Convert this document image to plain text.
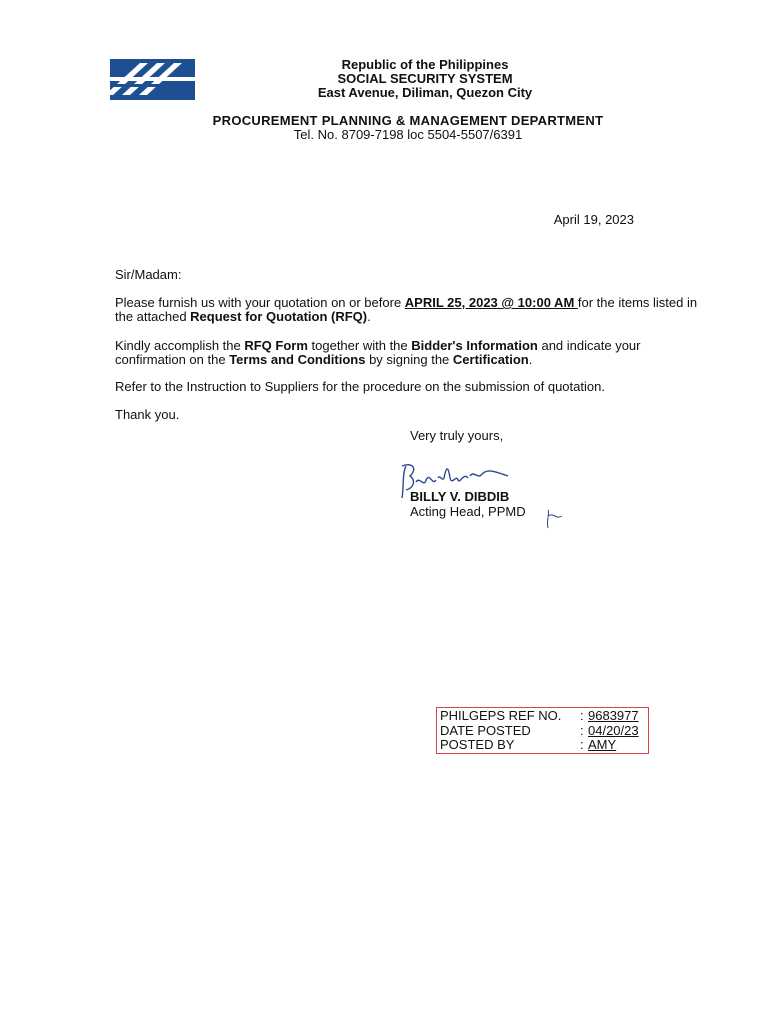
Republic of the Philippines
SOCIAL SECURITY SYSTEM
East Avenue, Diliman, Quezon City
PROCUREMENT PLANNING & MANAGEMENT DEPARTMENT
Tel. No. 8709-7198 loc 5504-5507/6391
April 19, 2023
Sir/Madam:
Please furnish us with your quotation on or before APRIL 25, 2023 @ 10:00 AM for the items listed in the attached Request for Quotation (RFQ).
Kindly accomplish the RFQ Form together with the Bidder's Information and indicate your confirmation on the Terms and Conditions by signing the Certification.
Refer to the Instruction to Suppliers for the procedure on the submission of quotation.
Thank you.
Very truly yours,
BILLY V. DIBDIB
Acting Head, PPMD
PHILGEPS REF NO.	: 9683977
DATE POSTED	: 04/20/23
POSTED BY	: AMY
